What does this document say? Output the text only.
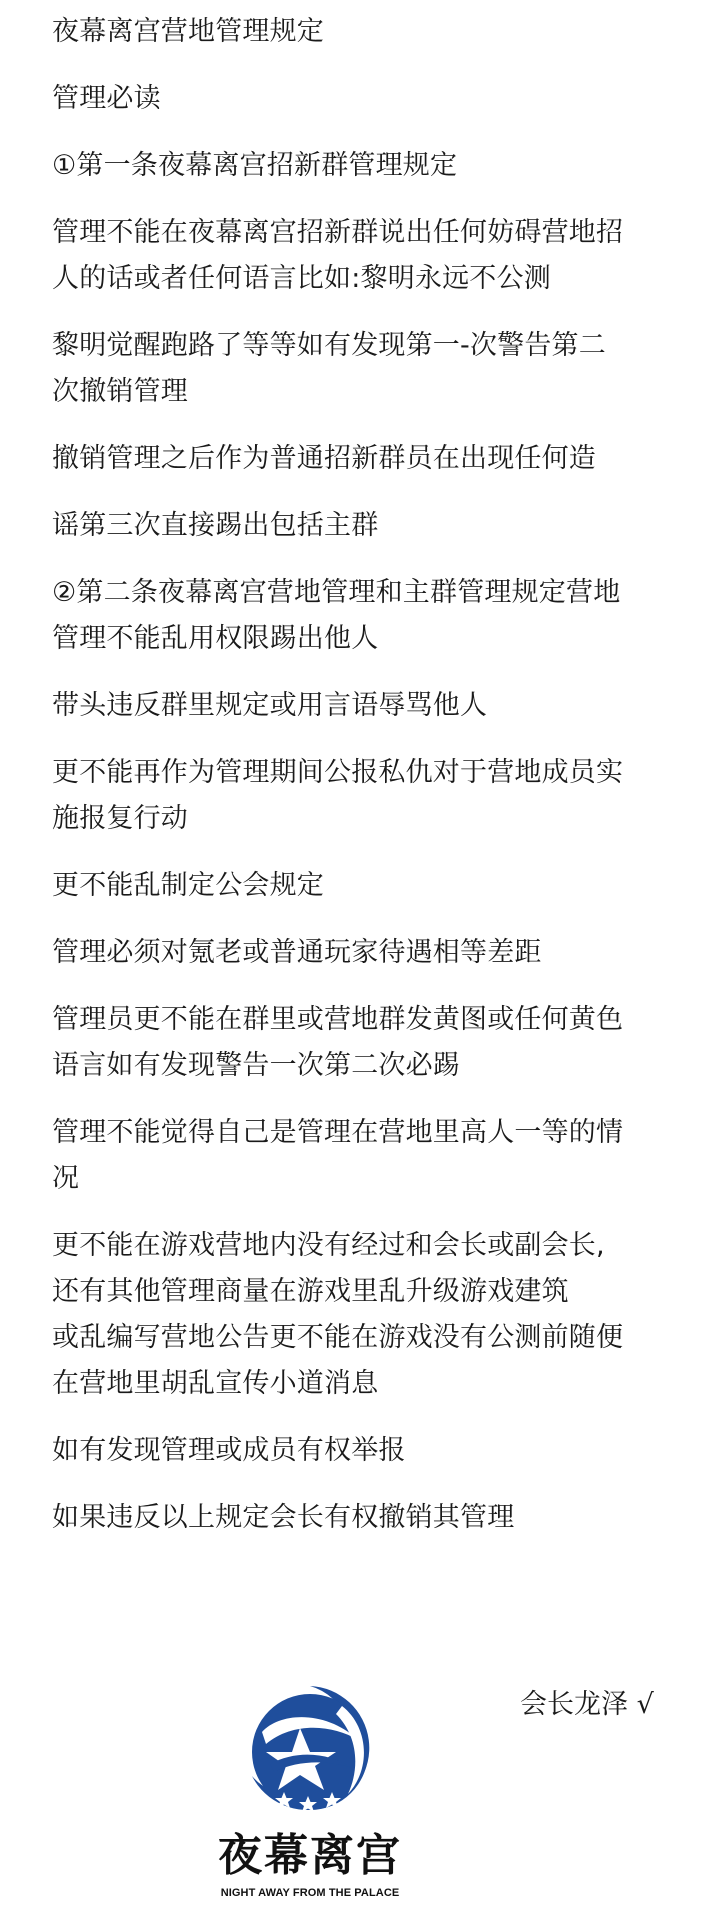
夜幕离宫营地管理规定
管理必读
①第一条夜幕离宫招新群管理规定
管理不能在夜幕离宫招新群说出任何妨碍营地招
人的话或者任何语言比如:黎明永远不公测
黎明觉醒跑路了等等如有发现第一-次警告第二
次撤销管理
撤销管理之后作为普通招新群员在出现任何造
谣第三次直接踢出包括主群
②第二条夜幕离宫营地管理和主群管理规定营地
管理不能乱用权限踢出他人
带头违反群里规定或用言语辱骂他人
更不能再作为管理期间公报私仇对于营地成员实
施报复行动
更不能乱制定公会规定
管理必须对氪老或普通玩家待遇相等差距
管理员更不能在群里或营地群发黄图或任何黄色
语言如有发现警告一次第二次必踢
管理不能觉得自己是管理在营地里高人一等的情
况
更不能在游戏营地内没有经过和会长或副会长,
还有其他管理商量在游戏里乱升级游戏建筑
或乱编写营地公告更不能在游戏没有公测前随便
在营地里胡乱宣传小道消息
如有发现管理或成员有权举报
如果违反以上规定会长有权撤销其管理
夜幕离宫
NIGHT AWAY FROM THE PALACE
会长龙泽 √
